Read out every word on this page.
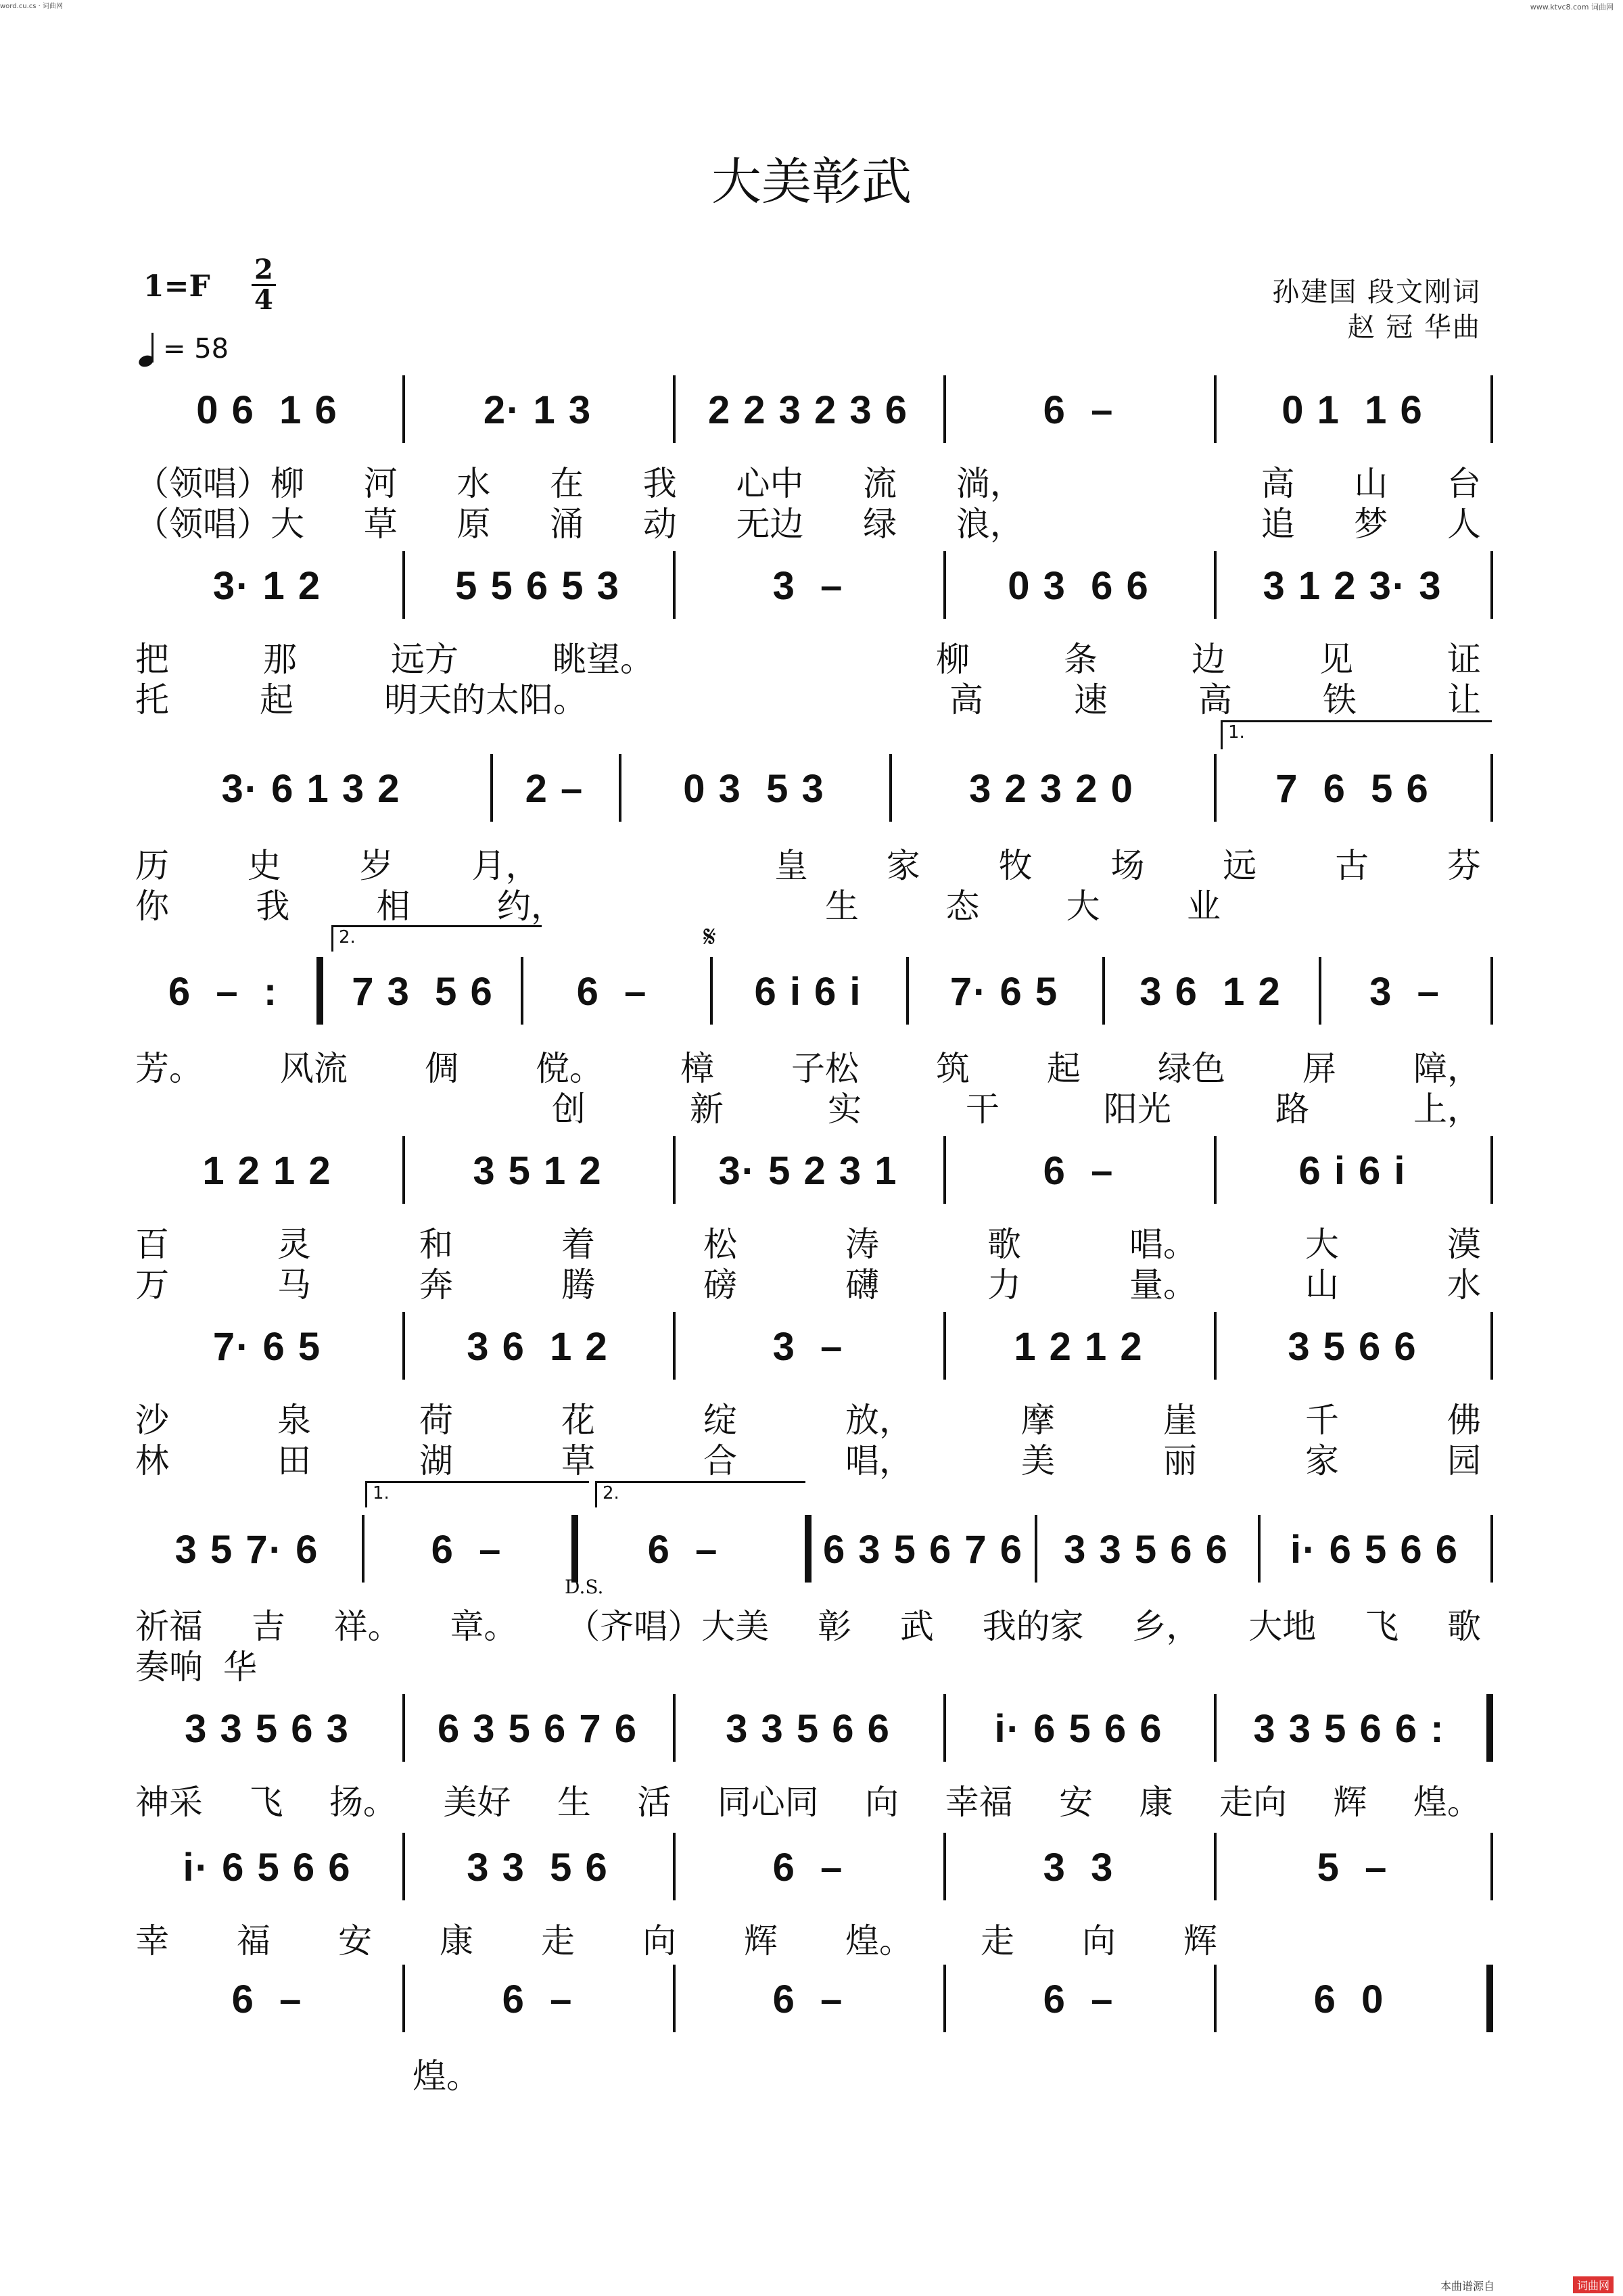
word.cu.cs · 词曲网	www.ktvc8.com 词曲网
大美彰武
1=F 2
4
= 58
孙建国 段文刚词
赵 冠 华曲
0 6  1 6	2· 1 3	2 2 3 2 3 6	6  –	0 1  1 6
（领唱）柳 河 水 在 我 心中 流 淌，	高 山 台
（领唱）大 草 原 涌 动 无边 绿 浪，	追 梦 人
3· 1 2	5 5 6 5 3	3  –	0 3  6 6	3 1 2 3· 3
把	那	远方	眺望。	柳	条	边	见	证
托	起	明天的太阳。	高	速	高	铁	让
3· 6 1 3 2	2 –	0 3  5 3	3 2 3 2 0	7  6  5 6
1.
历 史 岁 月，	皇 家 牧 场 远 古 芬
你	我	相	约，	生	态	大	业
2.	𝄋
6  –  : 7 3  5 6 6  –	6 i 6 i 7· 6 5 3 6  1 2 3  –
芳。 风流 倜 傥。 樟 子松 筑 起 绿色 屏 障，
创	新	实	干	阳光	路	上，
1 2 1 2	3 5 1 2	3· 5 2 3 1	6  –	6 i 6 i
百	灵	和	着	松	涛	歌	唱。	大	漠
万	马	奔	腾	磅	礴	力	量。	山	水
7· 6 5	3 6  1 2	3  –	1 2 1 2	3 5 6 6
沙	泉	荷	花	绽	放，	摩	崖	千	佛
林	田	湖	草	合	唱，	美	丽	家	园
1.	2.
3 5 7· 6	6  –	6  –	6 3 5 6 7 6 3 3 5 6 6 i· 6 5 6 6
D.S.
祈福 吉 祥。 章。 （齐唱）大美 彰 武 我的家 乡， 大地 飞 歌
奏响 华
3 3 5 6 3 6 3 5 6 7 6 3 3 5 6 6	i· 6 5 6 6 3 3 5 6 6 :
神采 飞 扬。 美好 生 活 同心同 向 幸福 安 康 走向 辉 煌。
i· 6 5 6 6	3 3  5 6	6  –	3  3	5  –
幸 福 安 康 走 向 辉 煌。 走 向 辉
6  –	6  –	6  –	6  –	6  0
煌。
本曲谱源自	词曲网
